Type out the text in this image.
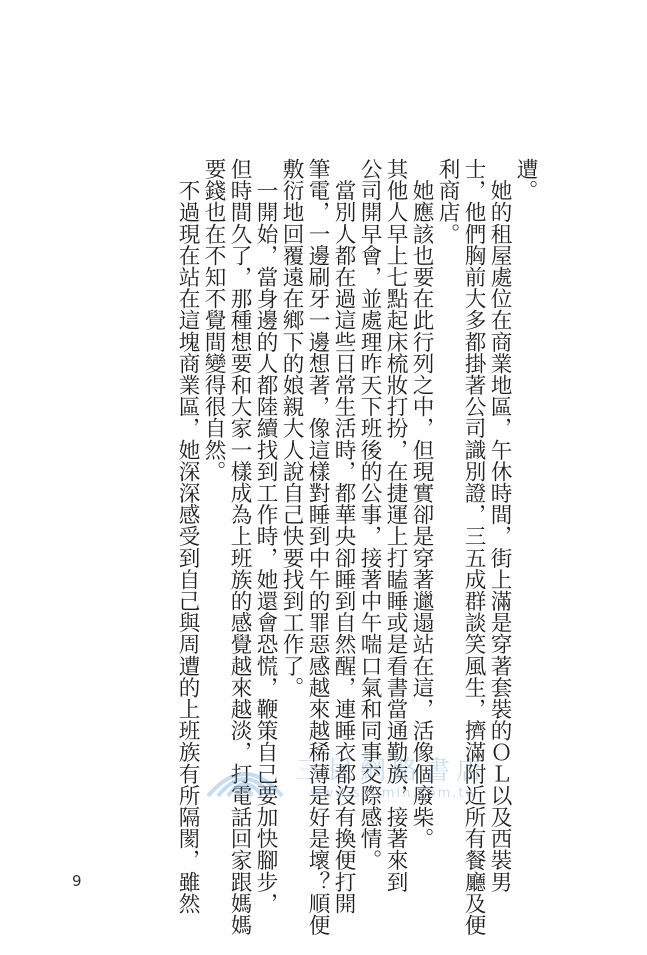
遭。
　她的租屋處位在商業地區，午休時間，街上滿是穿著套裝的ＯＬ以及西裝男
士，他們胸前大多都掛著公司識別證，三五成群談笑風生，擠滿附近所有餐廳及便
利商店。
　她應該也要在此行列之中，但現實卻是穿著邋遢站在這，活像個廢柴。
其他人早上七點起床梳妝打扮，在捷運上打瞌睡或是看書當通勤族，接著來到
公司開早會，並處理昨天下班後的公事，接著中午喘口氣和同事交際感情。
　當別人都在過這些日常生活時，都華央卻睡到自然醒，連睡衣都沒有換便打開
筆電，一邊刷牙一邊想著，像這樣對睡到中午的罪惡感越來越稀薄是好是壞？順便
敷衍地回覆遠在鄉下的娘親大人說自己快要找到工作了。
　一開始，當身邊的人都陸續找到工作時，她還會恐慌，鞭策自己要加快腳步，
但時間久了，那種想要和大家一樣成為上班族的感覺越來越淡，打電話回家跟媽媽
要錢也在不知不覺間變得很自然。
　不過現在站在這塊商業區，她深深感受到自己與周遭的上班族有所隔閡，雖然
9
三民網路書店
www.sanmin.com.tw
